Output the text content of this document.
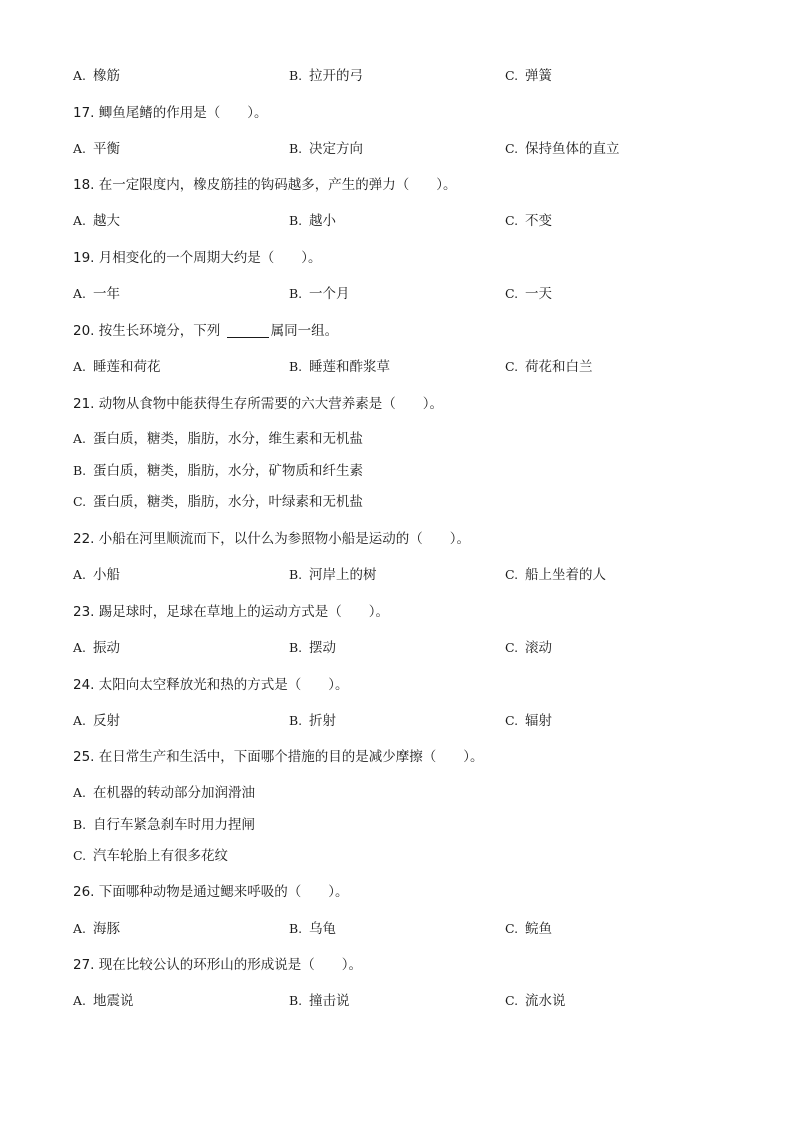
A. 橡筋	B. 拉开的弓	C. 弹簧
17. 鲫鱼尾鳍的作用是（　　）。
A. 平衡	B. 决定方向	C. 保持鱼体的直立
18. 在一定限度内，橡皮筋挂的钩码越多，产生的弹力（　　）。
A. 越大	B. 越小	C. 不变
19. 月相变化的一个周期大约是（　　）。
A. 一年	B. 一个月	C. 一天
20. 按生长环境分，下列	属同一组。
A. 睡莲和荷花	B. 睡莲和酢浆草	C. 荷花和白兰
21. 动物从食物中能获得生存所需要的六大营养素是（　　）。
A. 蛋白质，糖类，脂肪，水分，维生素和无机盐
B. 蛋白质，糖类，脂肪，水分，矿物质和纤生素
C. 蛋白质，糖类，脂肪，水分，叶绿素和无机盐
22. 小船在河里顺流而下，以什么为参照物小船是运动的（　　）。
A. 小船	B. 河岸上的树	C. 船上坐着的人
23. 踢足球时，足球在草地上的运动方式是（　　）。
A. 振动	B. 摆动	C. 滚动
24. 太阳向太空释放光和热的方式是（　　）。
A. 反射	B. 折射	C. 辐射
25. 在日常生产和生活中，下面哪个措施的目的是减少摩擦（　　）。
A. 在机器的转动部分加润滑油
B. 自行车紧急刹车时用力捏闸
C. 汽车轮胎上有很多花纹
26. 下面哪种动物是通过鳃来呼吸的（　　）。
A. 海豚	B. 乌龟	C. 鲩鱼
27. 现在比较公认的环形山的形成说是（　　）。
A. 地震说	B. 撞击说	C. 流水说
